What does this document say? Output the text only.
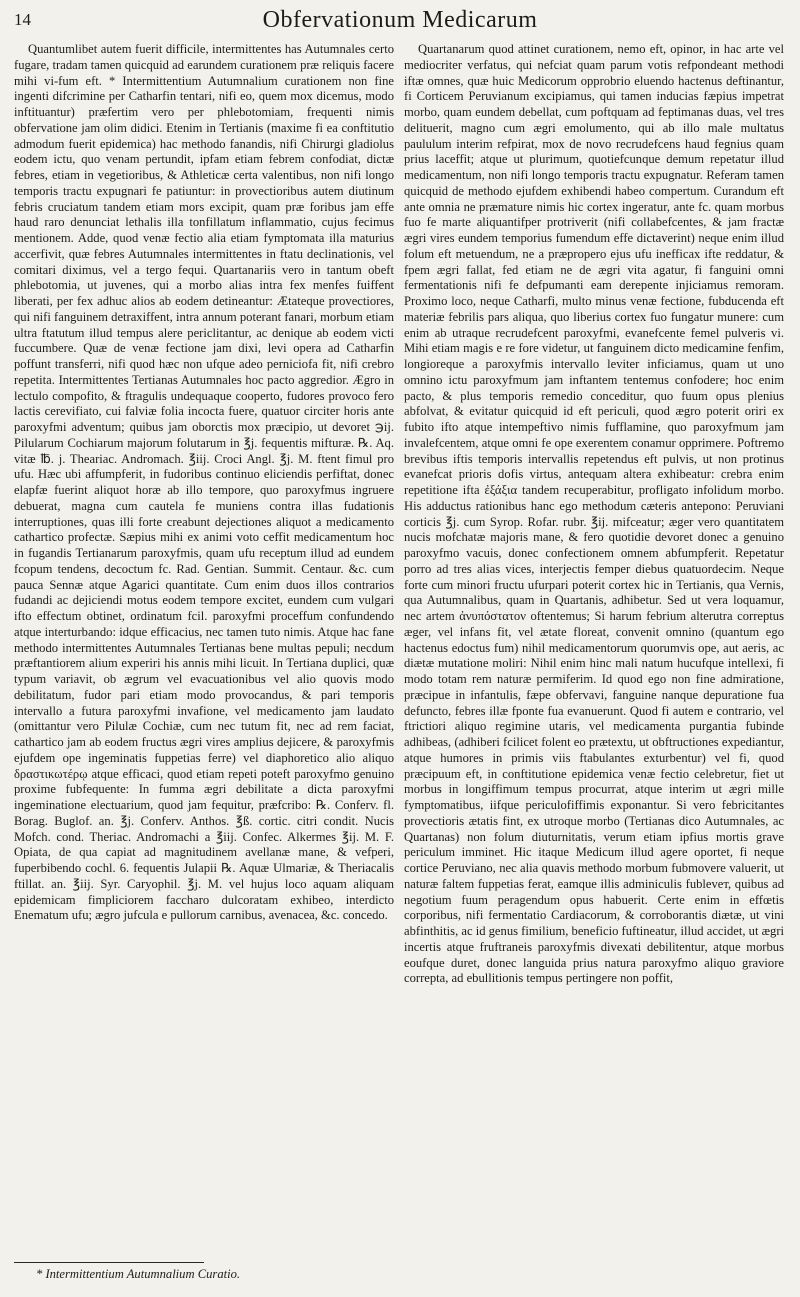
14	Obfervationum Medicarum

Quantumlibet autem fuerit difficile, intermittentes has Autumnales certo fugare, tradam tamen quicquid ad earundem curationem præ reliquis facere mihi vi-fum eft. * Intermittentium Autumnalium curationem non fine ingenti difcrimine per Catharfin tentari, nifi eo, quem mox dicemus, modo inftituantur) præfertim vero per phlebotomiam, frequenti nimis obfervatione jam olim didici. Etenim in Tertianis (maxime fi ea conftitutio admodum fuerit epidemica) hac methodo fanandis, nifi Chirurgi gladiolus eodem ictu, quo venam pertundit, ipfam etiam febrem confodiat, dictæ febres, etiam in vegetioribus, & Athleticæ certa valentibus, non nifi longo temporis tractu expugnari fe patiuntur: in provectioribus autem diutinum febris cruciatum tandem etiam mors excipit, quam præ foribus jam effe haud raro denunciat lethalis illa tonfillatum inflammatio, cujus fecimus mentionem. Adde, quod venæ fectio alia etiam fymptomata illa maturius accerfivit, quæ febres Autumnales intermittentes in ftatu declinationis, vel comitari diximus, vel a tergo fequi. Quartanariis vero in tantum obeft phlebotomia, ut juvenes, qui a morbo alias intra fex menfes fuiffent liberati, per fex adhuc alios ab eodem detineantur: Ætateque provectiores, qui nifi fanguinem detraxiffent, intra annum poterant fanari, morbum etiam ultra ftatutum illud tempus alere periclitantur, ac denique ab eodem victi fuccumbere. Quæ de venæ fectione jam dixi, levi opera ad Catharfin poffunt transferri, nifi quod hæc non ufque adeo perniciofa fit, nifi crebro repetita. Intermittentes Tertianas Autumnales hoc pacto aggredior. Ægro in lectulo compofito, & ftragulis undequaque cooperto, fudores provoco fero lactis cerevifiato, cui falviæ folia incocta fuere, quatuor circiter horis ante paroxyfmi adventum; quibus jam oborctis mox præcipio, ut devoret ℈ij. Pilularum Cochiarum majorum folutarum in ℥j. fequentis mifturæ. ℞. Aq. vitæ ℔. j. Theariac. Andromach. ℥iij. Croci Angl. ℥j. M. ftent fimul pro ufu. Hæc ubi affumpferit, in fudoribus continuo eliciendis perfiftat, donec elapfæ fuerint aliquot horæ ab illo tempore, quo paroxyfmus ingruere debuerat, magna cum cautela fe muniens contra illas fudationis interruptiones, quas illi forte creabunt dejectiones aliquot a medicamento cathartico profectæ. Sæpius mihi ex animi voto ceffit medicamentum hoc in fugandis Tertianarum paroxyfmis, quam ufu receptum illud ad eundem fcopum tendens, decoctum fc. Rad. Gentian. Summit. Centaur. &c. cum pauca Sennæ atque Agarici quantitate. Cum enim duos illos contrarios fudandi ac dejiciendi motus eodem tempore excitet, eundem cum vulgari ifto effectum obtinet, ordinatum fcil. paroxyfmi proceffum confundendo atque interturbando: idque efficacius, nec tamen tuto nimis. Atque hac fane methodo intermittentes Autumnales Tertianas bene multas pepuli; necdum præftantiorem alium experiri his annis mihi licuit. In Tertiana duplici, quæ typum variavit, ob ægrum vel evacuationibus vel alio quovis modo debilitatum, fudor pari etiam modo provocandus, & pari temporis intervallo a futura paroxyfmi invafione, vel medicamento jam laudato (omittantur vero Pilulæ Cochiæ, cum nec tutum fit, nec ad rem faciat, cathartico jam ab eodem fructus ægri vires amplius dejicere, & paroxyfmis ejufdem ope ingeminatis fuppetias ferre) vel diaphoretico alio aliquo δραστικωτέρῳ atque efficaci, quod etiam repeti poteft paroxyfmo genuino proxime fubfequente: In fumma ægri debilitate a dicta paroxyfmi ingeminatione electuarium, quod jam fequitur, præfcribo: ℞. Conferv. fl. Borag. Buglof. an. ℥j. Conferv. Anthos. ℥ß. cortic. citri condit. Nucis Mofch. cond. Theriac. Andromachi a ℥iij. Confec. Alkermes ℥ij. M. F. Opiata, de qua capiat ad magnitudinem avellanæ mane, & vefperi, fuperbibendo cochl. 6. fequentis Julapii ℞. Aquæ Ulmariæ, & Theriacalis ftillat. an. ℥iij. Syr. Caryophil. ℥j. M. vel hujus loco aquam aliquam epidemicam fimpliciorem faccharo dulcoratam exhibeo, interdicto Enematum ufu; ægro jufcula e pullorum carnibus, avenacea, &c. concedo.

* Intermittentium Autumnalium Curatio.

Quartanarum quod attinet curationem, nemo eft, opinor, in hac arte vel mediocriter verfatus, qui nefciat quam parum votis refpondeant methodi iftæ omnes, quæ huic Medicorum opprobrio eluendo hactenus deftinantur, fi Corticem Peruvianum excipiamus, qui tamen inducias fæpius impetrat morbo, quam eundem debellat, cum poftquam ad feptimanas duas, vel tres delituerit, magno cum ægri emolumento, qui ab illo male multatus paululum interim refpirat, mox de novo recrudefcens haud fegnius quam prius laceffit; atque ut plurimum, quotiefcunque demum repetatur illud medicamentum, non nifi longo temporis tractu expugnatur. Referam tamen quicquid de methodo ejufdem exhibendi habeo compertum. Curandum eft ante omnia ne præmature nimis hic cortex ingeratur, ante fc. quam morbus fuo fe marte aliquantifper protriverit (nifi collabefcentes, & jam fractæ ægri vires eundem temporius fumendum effe dictaverint) neque enim illud folum eft metuendum, ne a præpropero ejus ufu inefficax ifte reddatur, & fpem ægri fallat, fed etiam ne de ægri vita agatur, fi fanguini omni fermentationis nifi fe defpumanti eam derepente injiciamus remoram. Proximo loco, neque Catharfi, multo minus venæ fectione, fubducenda eft materiæ febrilis pars aliqua, quo liberius cortex fuo fungatur munere: cum enim ab utraque recrudefcent paroxyfmi, evanefcente femel pulveris vi. Mihi etiam magis e re fore videtur, ut fanguinem dicto medicamine fenfim, longioreque a paroxyfmis intervallo leviter inficiamus, quam ut uno omnino ictu paroxyfmum jam inftantem tentemus confodere; hoc enim pacto, & plus temporis remedio conceditur, quo fuum opus plenius abfolvat, & evitatur quicquid id eft periculi, quod ægro poterit oriri ex fubito ifto atque intempeftivo nimis fufflamine, quo paroxyfmum jam invalefcentem, atque omni fe ope exerentem conamur opprimere. Poftremo brevibus iftis temporis intervallis repetendus eft pulvis, ut non protinus evanefcat prioris dofis virtus, antequam altera exhibeatur: crebra enim repetitione ifta ἐξάξια tandem recuperabitur, profligato infolidum morbo. His adductus rationibus hanc ego methodum cæteris antepono: Peruviani corticis ℥j. cum Syrop. Rofar. rubr. ℥ij. mifceatur; æger vero quantitatem nucis mofchatæ majoris mane, & fero quotidie devoret donec a genuino paroxyfmo vacuis, donec confectionem omnem abfumpferit. Repetatur porro ad tres alias vices, interjectis femper diebus quatuordecim. Neque forte cum minori fructu ufurpari poterit cortex hic in Tertianis, qua Vernis, qua Autumnalibus, quam in Quartanis, adhibetur. Sed ut vera loquamur, nec artem ἀνυπόστατον oftentemus; Si harum febrium alterutra correptus æger, vel infans fit, vel ætate floreat, convenit omnino (quantum ego hactenus edoctus fum) nihil medicamentorum quorumvis ope, aut aeris, ac diætæ mutatione moliri: Nihil enim hinc mali natum hucufque intellexi, fi modo totam rem naturæ permiferim. Id quod ego non fine admiratione, præcipue in infantulis, fæpe obfervavi, fanguine nanque depuratione fua defuncto, febres illæ fponte fua evanuerunt. Quod fi autem e contrario, vel ftrictiori aliquo regimine utaris, vel medicamenta purgantia fubinde adhibeas, (adhiberi fcilicet folent eo prætextu, ut obftructiones expediantur, atque humores in primis viis ftabulantes exturbentur) vel fi, quod præcipuum eft, in conftitutione epidemica venæ fectio celebretur, fiet ut morbus in longiffimum tempus procurrat, atque interim ut ægri mille fymptomatibus, iifque periculofiffimis exponantur. Si vero febricitantes provectioris ætatis fint, ex utroque morbo (Tertianas dico Autumnales, ac Quartanas) non folum diuturnitatis, verum etiam ipfius mortis grave periculum imminet. Hic itaque Medicum illud agere oportet, fi neque cortice Peruviano, nec alia quavis methodo morbum fubmovere valuerit, ut naturæ faltem fuppetias ferat, eamque illis adminiculis fubleveт, quibus ad negotium fuum peragendum opus habuerit. Certe enim in effœtis corporibus, nifi fermentatio Cardiacorum, & corroborantis diætæ, ut vini abfinthitis, ac id genus fimilium, beneficio fuftineatur, illud accidet, ut ægri incertis atque fruftraneis paroxyfmis divexati debilitentur, atque morbus eoufque duret, donec languida prius natura paroxyfmo aliquo graviore correpta, ad ebullitionis tempus pertingere non poffit,
